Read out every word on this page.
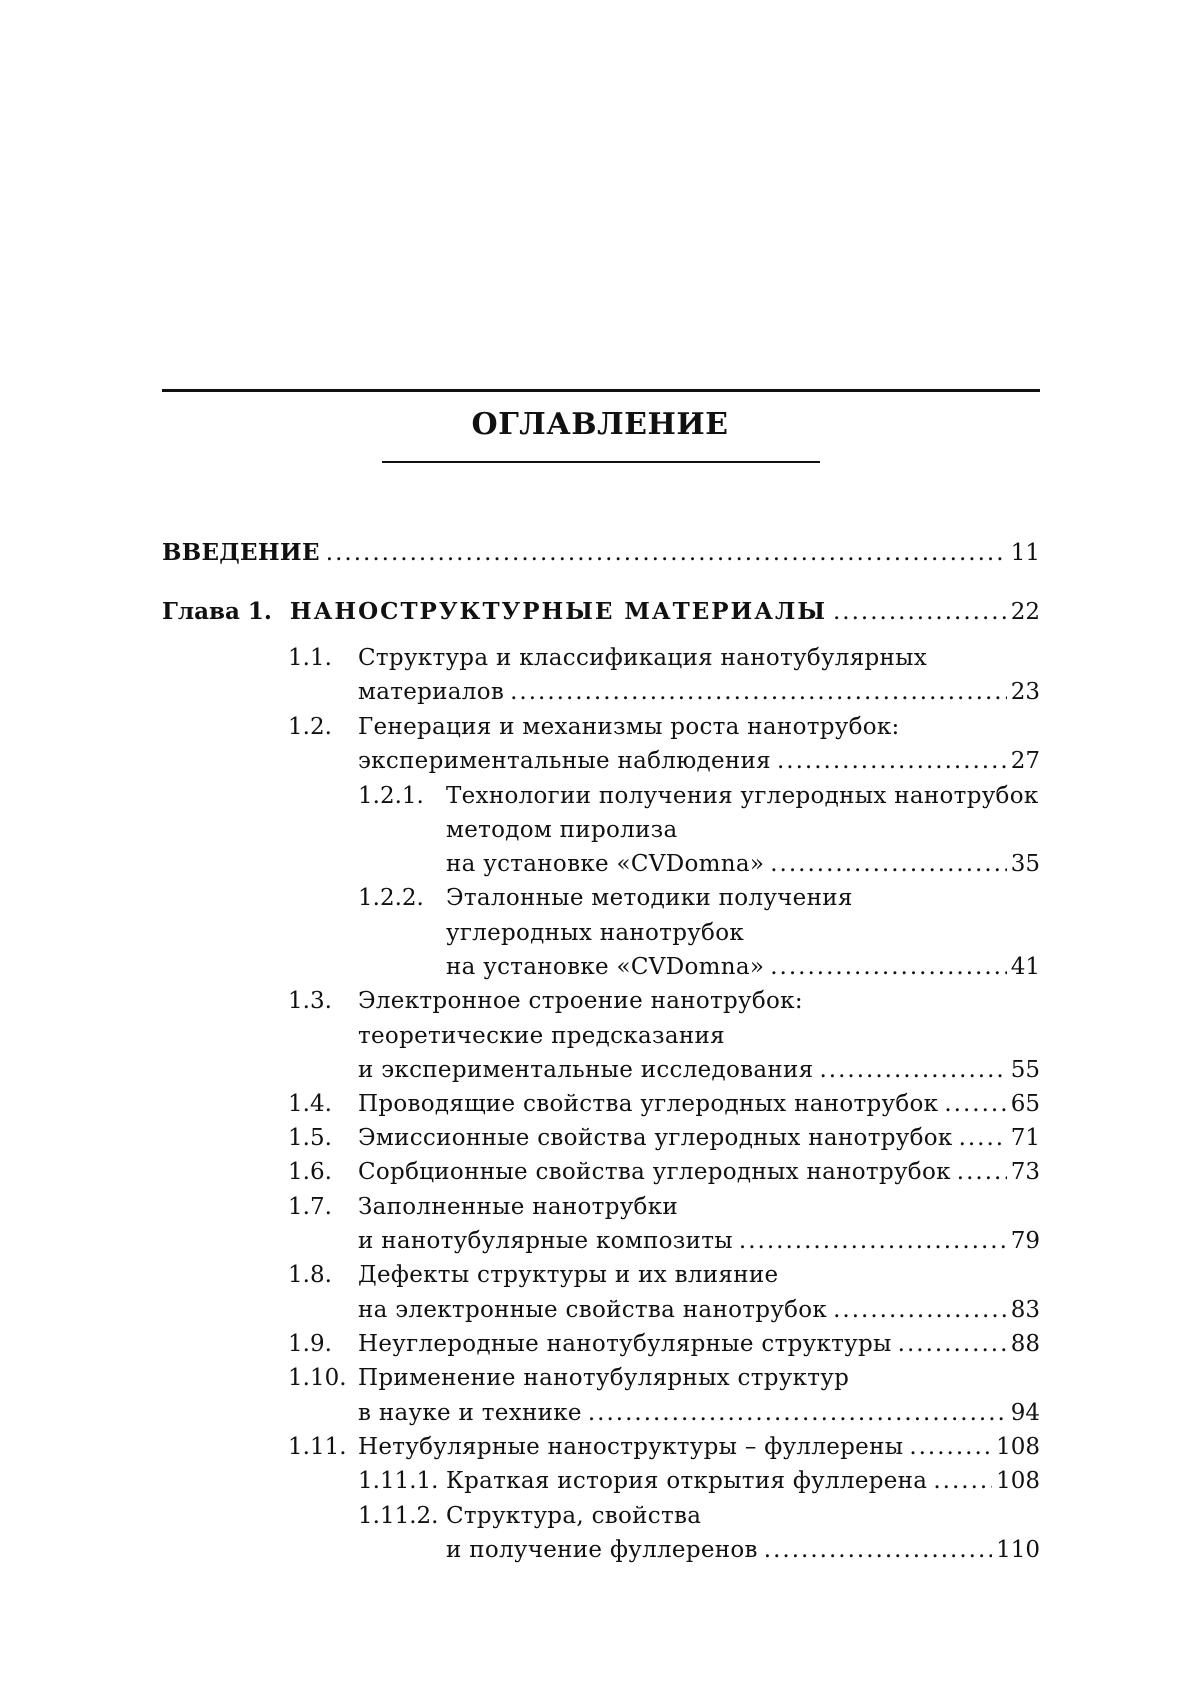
ОГЛАВЛЕНИЕ
ВВЕДЕНИЕ .....	11
Глава 1. НАНОСТРУКТУРНЫЕ МАТЕРИАЛЫ .....	22
1.1.	Структура и классификация нанотубулярных
материалов .....	23
1.2.	Генерация и механизмы роста нанотрубок:
экспериментальные наблюдения .....	27
1.2.1. Технологии получения углеродных нанотрубок
методом пиролиза
на установке «CVDomna» .....	35
1.2.2. Эталонные методики получения
углеродных нанотрубок
на установке «CVDomna» .....	41
1.3.	Электронное строение нанотрубок:
теоретические предсказания
и экспериментальные исследования .....	55
1.4.	Проводящие свойства углеродных нанотрубок .....	65
1.5.	Эмиссионные свойства углеродных нанотрубок .....	71
1.6.	Сорбционные свойства углеродных нанотрубок .....	73
1.7.	Заполненные нанотрубки
и нанотубулярные композиты .....	79
1.8.	Дефекты структуры и их влияние
на электронные свойства нанотрубок .....	83
1.9.	Неуглеродные нанотубулярные структуры .....	88
1.10. Применение нанотубулярных структур
в науке и технике .....	94
1.11. Нетубулярные наноструктуры – фуллерены .....	108
1.11.1. Краткая история открытия фуллерена .....	108
1.11.2. Структура, свойства
и получение фуллеренов .....	110
